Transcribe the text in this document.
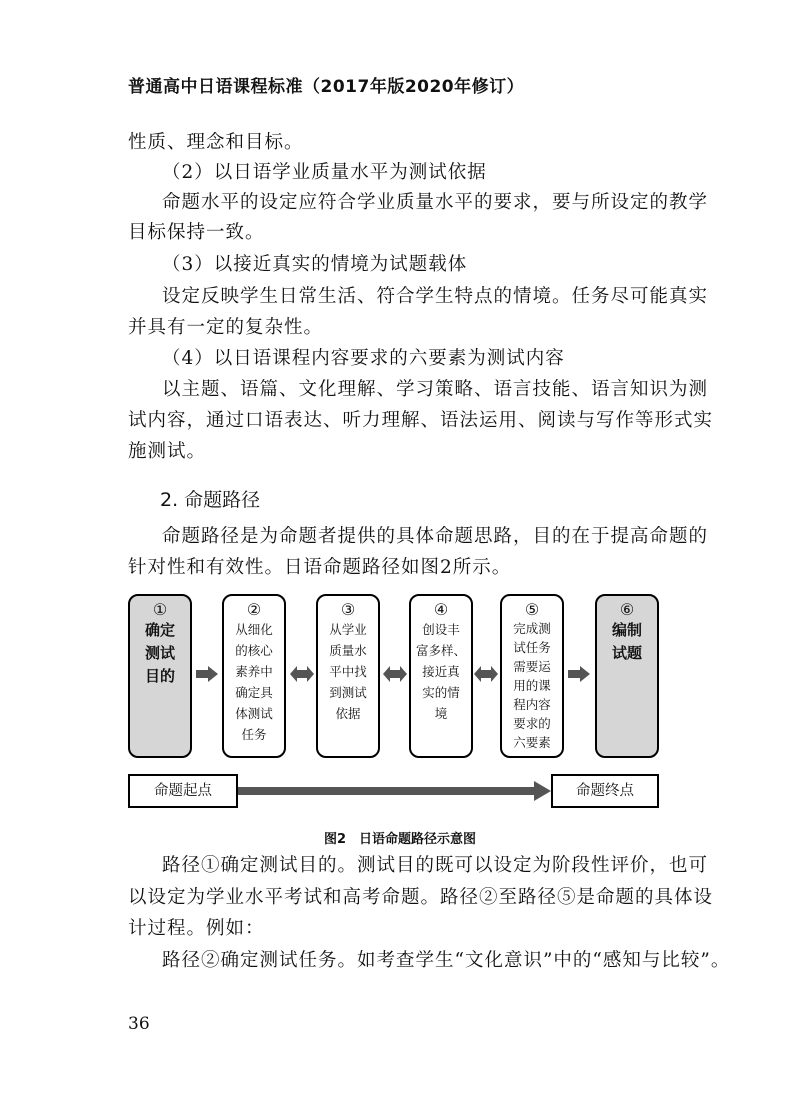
普通高中日语课程标准（2017年版2020年修订）
性质、理念和目标。
（2）以日语学业质量水平为测试依据
命题水平的设定应符合学业质量水平的要求，要与所设定的教学
目标保持一致。
（3）以接近真实的情境为试题载体
设定反映学生日常生活、符合学生特点的情境。任务尽可能真实
并具有一定的复杂性。
（4）以日语课程内容要求的六要素为测试内容
以主题、语篇、文化理解、学习策略、语言技能、语言知识为测
试内容，通过口语表达、听力理解、语法运用、阅读与写作等形式实
施测试。
2. 命题路径
命题路径是为命题者提供的具体命题思路，目的在于提高命题的
针对性和有效性。日语命题路径如图2所示。
①
确定
测试
目的
②
从细化
的核心
素养中
确定具
体测试
任务
③
从学业
质量水
平中找
到测试
依据
④
创设丰
富多样、
接近真
实的情
境
⑤
完成测
试任务
需要运
用的课
程内容
要求的
六要素
⑥
编制
试题
命题起点	命题终点
图2　日语命题路径示意图
路径①确定测试目的。测试目的既可以设定为阶段性评价，也可
以设定为学业水平考试和高考命题。路径②至路径⑤是命题的具体设
计过程。例如：
路径②确定测试任务。如考查学生“文化意识”中的“感知与比较”。
36
